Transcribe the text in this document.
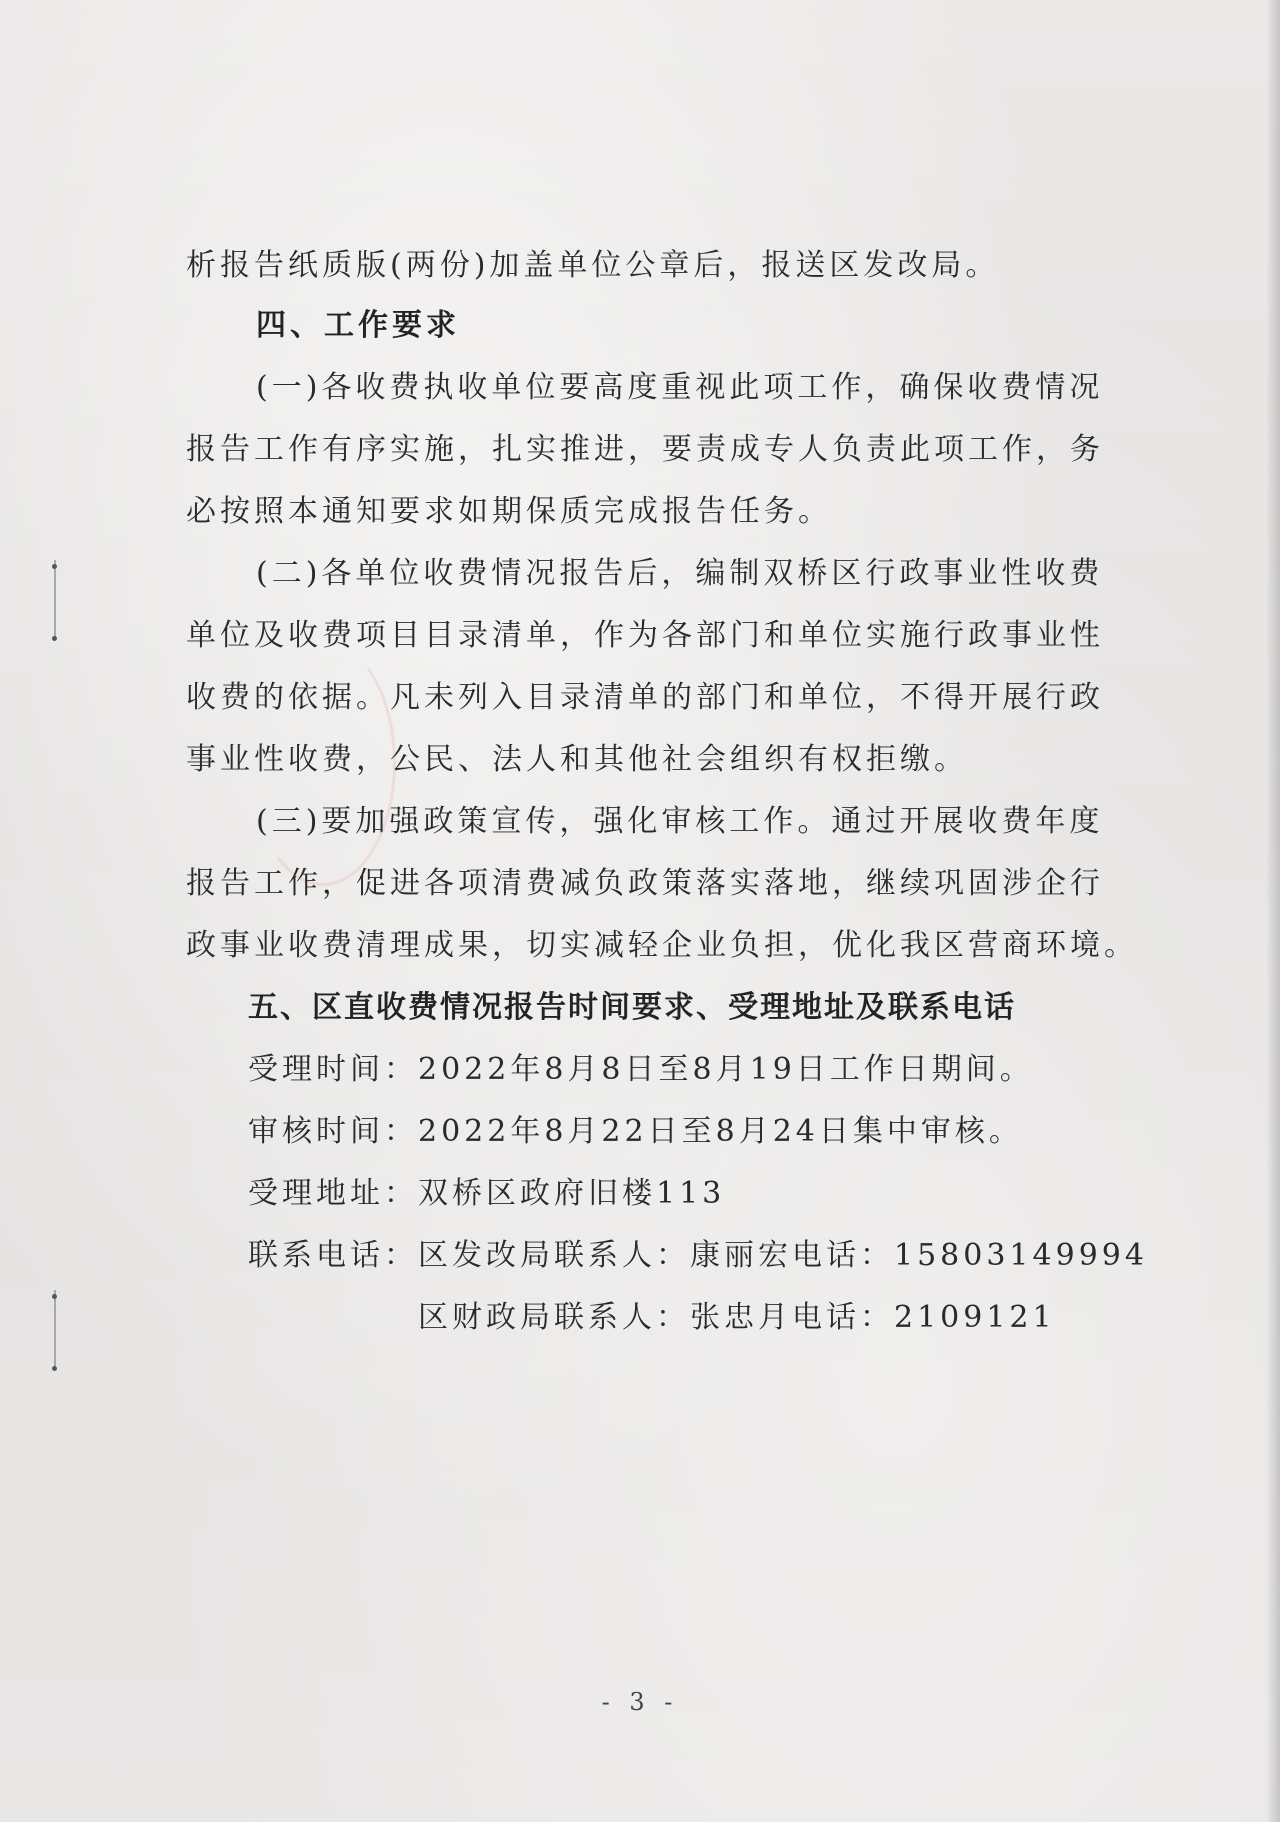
析报告纸质版(两份)加盖单位公章后，报送区发改局。
四、工作要求
(一)各收费执收单位要高度重视此项工作，确保收费情况
报告工作有序实施，扎实推进，要责成专人负责此项工作，务
必按照本通知要求如期保质完成报告任务。
(二)各单位收费情况报告后，编制双桥区行政事业性收费
单位及收费项目目录清单，作为各部门和单位实施行政事业性
收费的依据。凡未列入目录清单的部门和单位，不得开展行政
事业性收费，公民、法人和其他社会组织有权拒缴。
(三)要加强政策宣传，强化审核工作。通过开展收费年度
报告工作，促进各项清费减负政策落实落地，继续巩固涉企行
政事业收费清理成果，切实减轻企业负担，优化我区营商环境。
五、区直收费情况报告时间要求、受理地址及联系电话
受理时间：2022年8月8日至8月19日工作日期间。
审核时间：2022年8月22日至8月24日集中审核。
受理地址：双桥区政府旧楼113
联系电话：区发改局联系人：康丽宏电话：15803149994
区财政局联系人：张忠月电话：2109121
- 3 -
